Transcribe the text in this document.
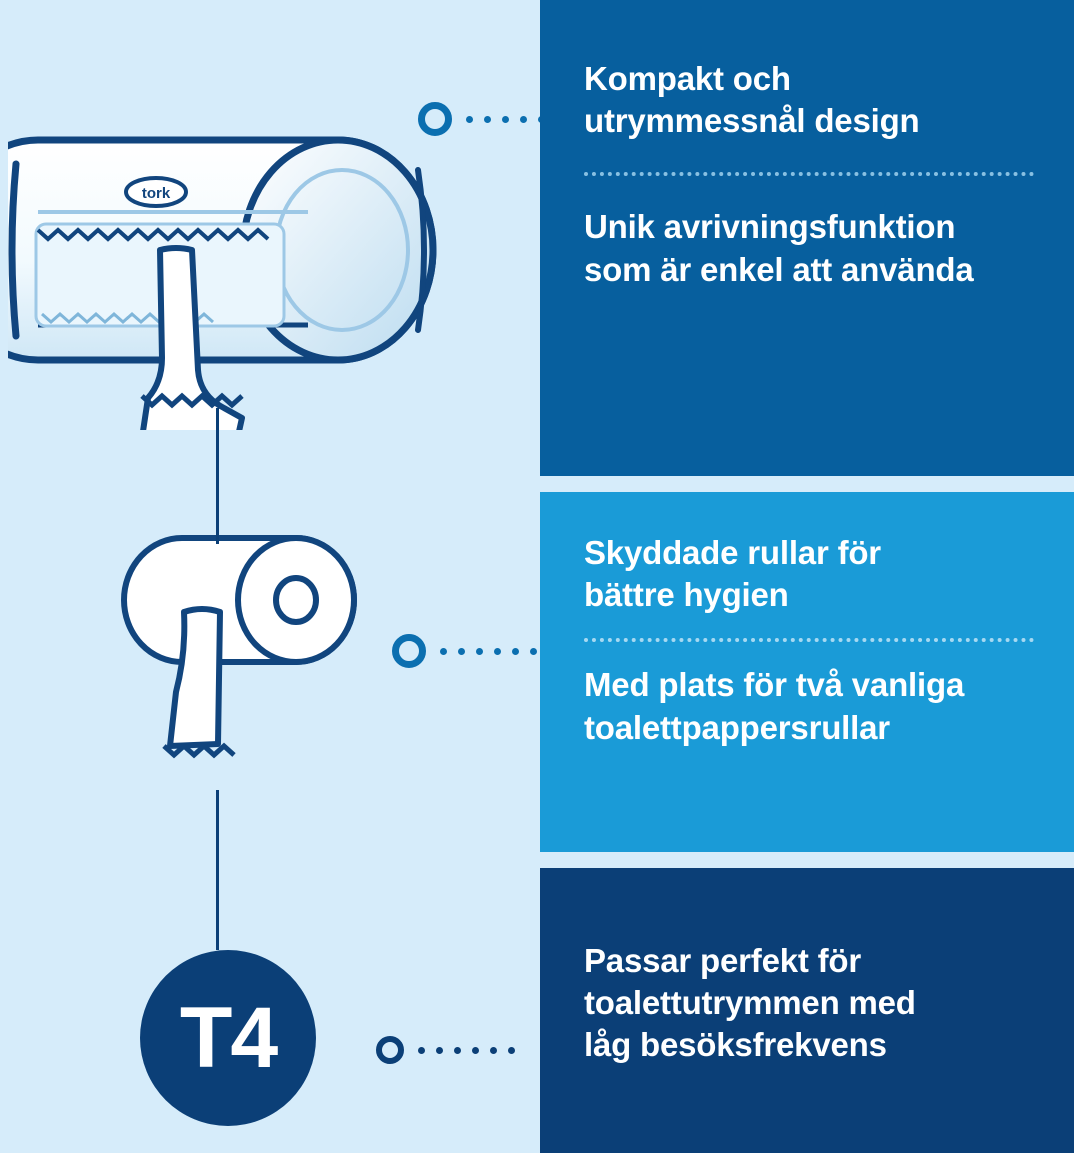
tork
T4
Kompakt och
utrymmessnål design
Unik avrivningsfunktion
som är enkel att använda
Skyddade rullar för
bättre hygien
Med plats för två vanliga
toalettpappersrullar
Passar perfekt för
toalettutrymmen med
låg besöksfrekvens
